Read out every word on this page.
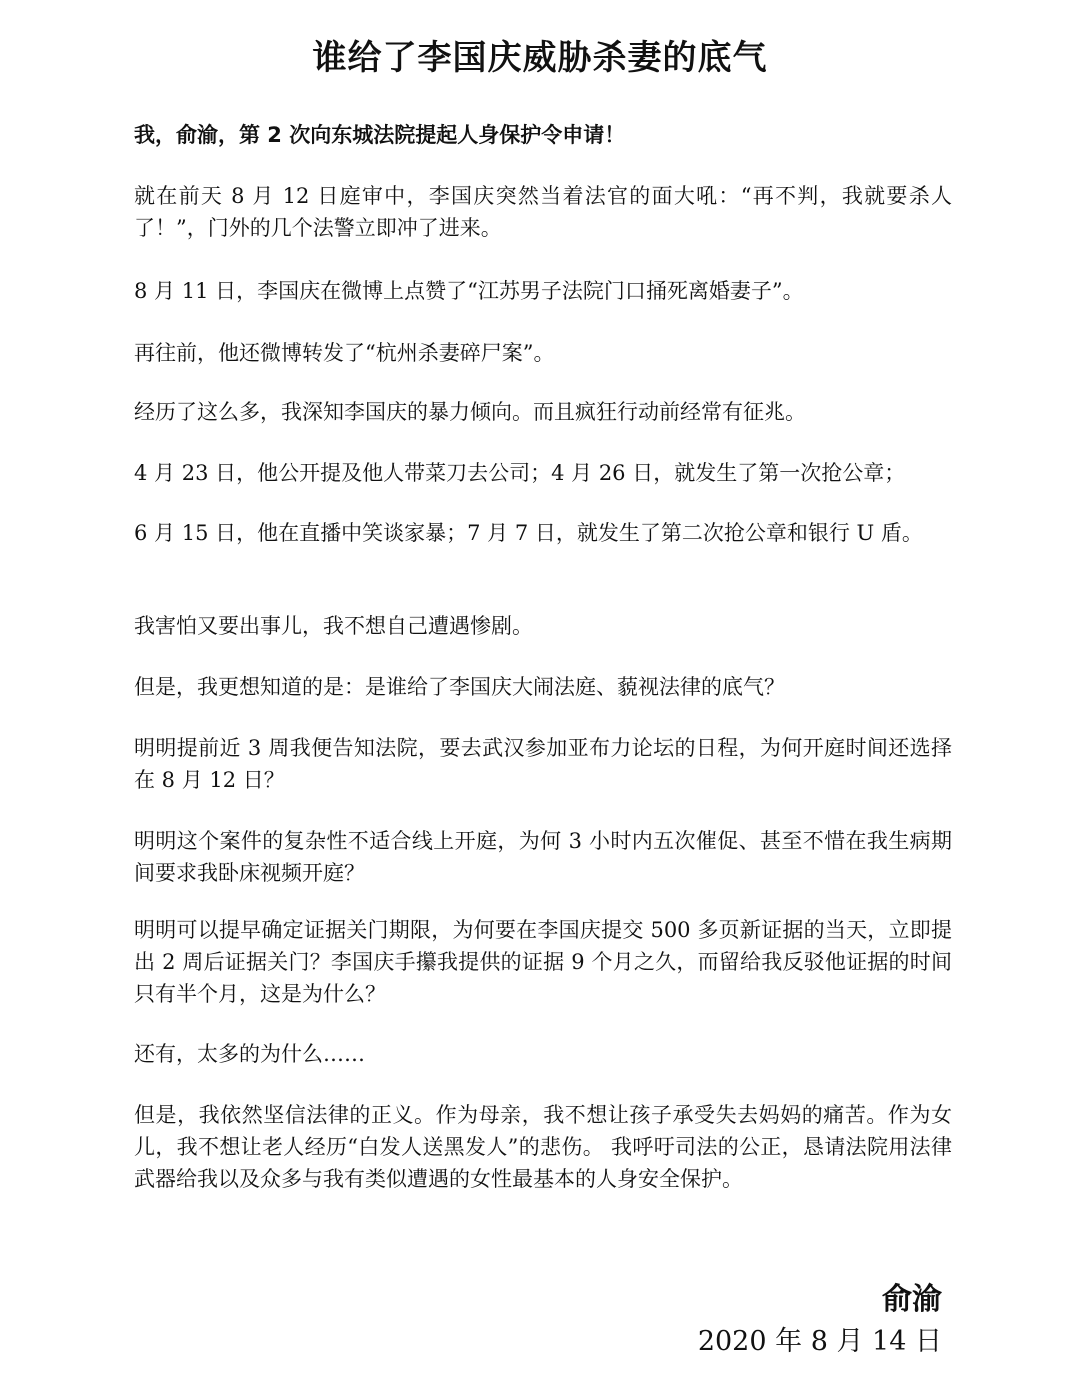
谁给了李国庆威胁杀妻的底气

我，俞渝，第 2 次向东城法院提起人身保护令申请！

就在前天 8 月 12 日庭审中，李国庆突然当着法官的面大吼：“再不判，我就要杀人了！”，门外的几个法警立即冲了进来。

8 月 11 日，李国庆在微博上点赞了“江苏男子法院门口捅死离婚妻子”。

再往前，他还微博转发了“杭州杀妻碎尸案”。

经历了这么多，我深知李国庆的暴力倾向。而且疯狂行动前经常有征兆。

4 月 23 日，他公开提及他人带菜刀去公司；4 月 26 日，就发生了第一次抢公章；

6 月 15 日，他在直播中笑谈家暴；7 月 7 日，就发生了第二次抢公章和银行 U 盾。

我害怕又要出事儿，我不想自己遭遇惨剧。

但是，我更想知道的是：是谁给了李国庆大闹法庭、藐视法律的底气？

明明提前近 3 周我便告知法院，要去武汉参加亚布力论坛的日程，为何开庭时间还选择在 8 月 12 日？

明明这个案件的复杂性不适合线上开庭，为何 3 小时内五次催促、甚至不惜在我生病期间要求我卧床视频开庭？

明明可以提早确定证据关门期限，为何要在李国庆提交 500 多页新证据的当天，立即提出 2 周后证据关门？李国庆手攥我提供的证据 9 个月之久，而留给我反驳他证据的时间只有半个月，这是为什么？

还有，太多的为什么……

但是，我依然坚信法律的正义。作为母亲，我不想让孩子承受失去妈妈的痛苦。作为女儿，我不想让老人经历“白发人送黑发人”的悲伤。 我呼吁司法的公正，恳请法院用法律武器给我以及众多与我有类似遭遇的女性最基本的人身安全保护。

俞渝

2020 年 8 月 14 日
